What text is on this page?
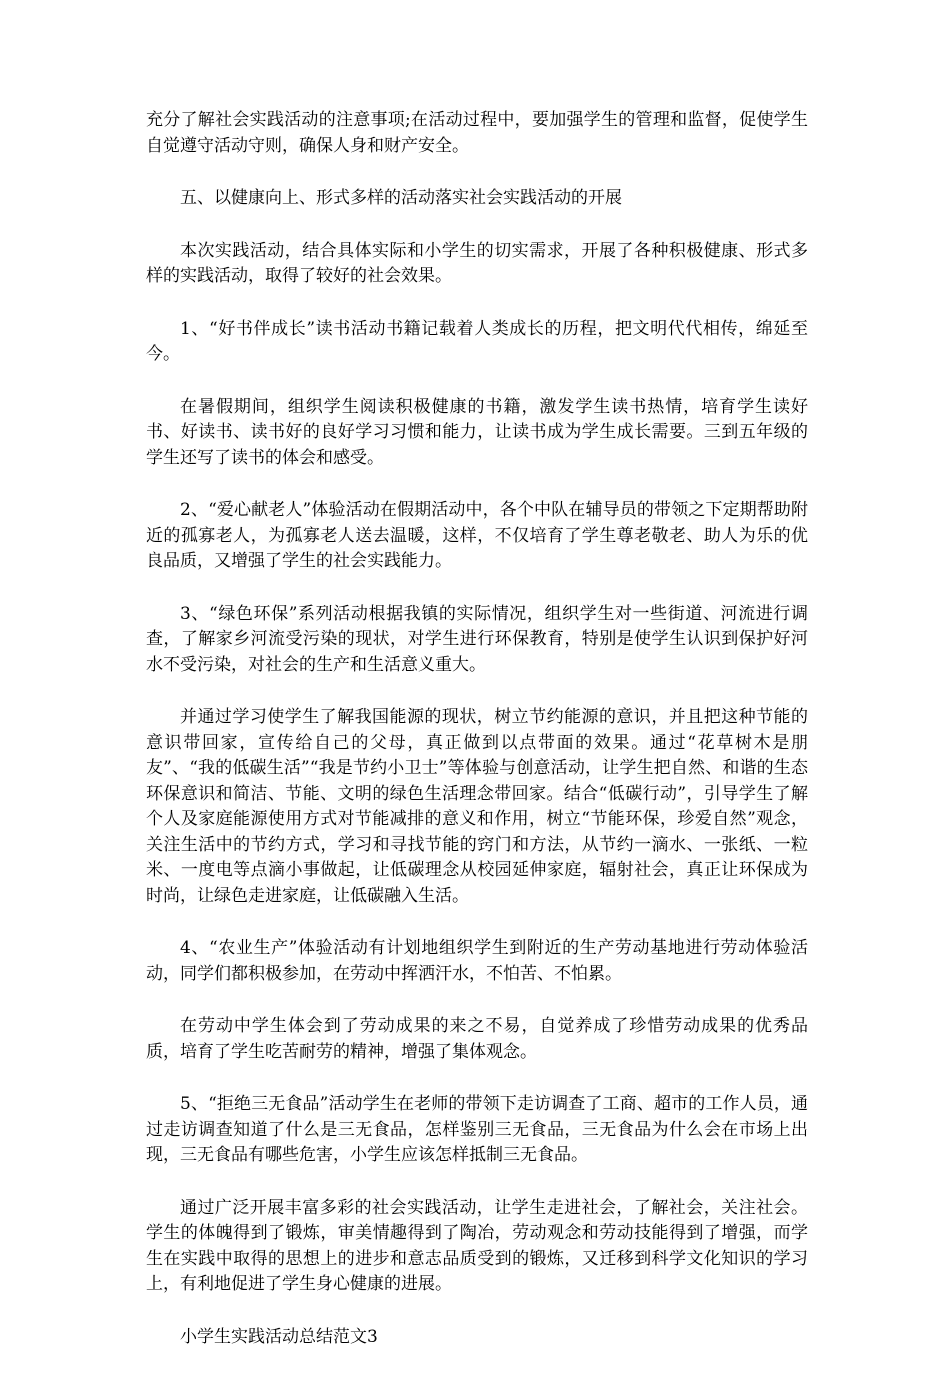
充分了解社会实践活动的注意事项;在活动过程中，要加强学生的管理和监督，促使学生自觉遵守活动守则，确保人身和财产安全。

五、以健康向上、形式多样的活动落实社会实践活动的开展

本次实践活动，结合具体实际和小学生的切实需求，开展了各种积极健康、形式多样的实践活动，取得了较好的社会效果。

1、“好书伴成长”读书活动书籍记载着人类成长的历程，把文明代代相传，绵延至今。

在暑假期间，组织学生阅读积极健康的书籍，激发学生读书热情，培育学生读好书、好读书、读书好的良好学习习惯和能力，让读书成为学生成长需要。三到五年级的学生还写了读书的体会和感受。

2、“爱心献老人”体验活动在假期活动中，各个中队在辅导员的带领之下定期帮助附近的孤寡老人，为孤寡老人送去温暖，这样，不仅培育了学生尊老敬老、助人为乐的优良品质，又增强了学生的社会实践能力。

3、“绿色环保”系列活动根据我镇的实际情况，组织学生对一些街道、河流进行调查，了解家乡河流受污染的现状，对学生进行环保教育，特别是使学生认识到保护好河水不受污染，对社会的生产和生活意义重大。

并通过学习使学生了解我国能源的现状，树立节约能源的意识，并且把这种节能的意识带回家，宣传给自己的父母，真正做到以点带面的效果。通过“花草树木是朋友”、“我的低碳生活”“我是节约小卫士”等体验与创意活动，让学生把自然、和谐的生态环保意识和简洁、节能、文明的绿色生活理念带回家。结合“低碳行动”，引导学生了解个人及家庭能源使用方式对节能减排的意义和作用，树立“节能环保，珍爱自然”观念，关注生活中的节约方式，学习和寻找节能的窍门和方法，从节约一滴水、一张纸、一粒米、一度电等点滴小事做起，让低碳理念从校园延伸家庭，辐射社会，真正让环保成为时尚，让绿色走进家庭，让低碳融入生活。

4、“农业生产”体验活动有计划地组织学生到附近的生产劳动基地进行劳动体验活动，同学们都积极参加，在劳动中挥洒汗水，不怕苦、不怕累。

在劳动中学生体会到了劳动成果的来之不易，自觉养成了珍惜劳动成果的优秀品质，培育了学生吃苦耐劳的精神，增强了集体观念。

5、“拒绝三无食品”活动学生在老师的带领下走访调查了工商、超市的工作人员，通过走访调查知道了什么是三无食品，怎样鉴别三无食品，三无食品为什么会在市场上出现，三无食品有哪些危害，小学生应该怎样抵制三无食品。

通过广泛开展丰富多彩的社会实践活动，让学生走进社会，了解社会，关注社会。学生的体魄得到了锻炼，审美情趣得到了陶冶，劳动观念和劳动技能得到了增强，而学生在实践中取得的思想上的进步和意志品质受到的锻炼，又迁移到科学文化知识的学习上，有利地促进了学生身心健康的进展。

小学生实践活动总结范文3
